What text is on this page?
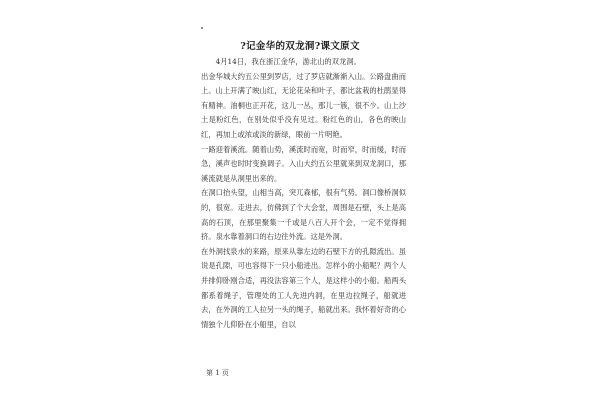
?记金华的双龙洞?课文原文

4月14日，我在浙江金华，游北山的双龙洞。

出金华城大约五公里到罗店，过了罗店就渐渐入山。公路盘曲而上。山上开满了映山红，无论花朵和叶子，都比盆栽的杜鹃显得有精神。油桐也正开花，这儿一丛，那儿一簇，很不少。山上沙土是粉红色，在别处似乎没有见过。粉红色的山，各色的映山红，再加上或浓或淡的新绿，眼前一片明艳。

一路迎着溪流。随着山势，溪流时而宽，时而窄，时而缓，时而急，溪声也时时变换调子。入山大约五公里就来到双龙洞口，那溪流就是从洞里出来的。

在洞口抬头望，山相当高，突兀森郁，很有气势。洞口像桥洞似的，很宽。走进去，仿佛到了个大会堂，周围是石壁，头上是高高的石顶，在那里聚集一千或是八百人开个会，一定不觉得拥挤。泉水靠着洞口的右边往外流。这是外洞。

在外洞找泉水的来路，原来从靠左边的石壁下方的孔隙流出。虽说是孔隙，可也容得下一只小船进出。怎样小的小船呢？两个人并排仰卧刚合适，再没法容第三个人，是这样小的小船。船两头都系着绳子，管理处的工人先进内洞，在里边拉绳子，船就进去，在外洞的工人拉另一头的绳子，船就出来。我怀着好奇的心情独个儿仰卧在小船里，自以

第 1 页
